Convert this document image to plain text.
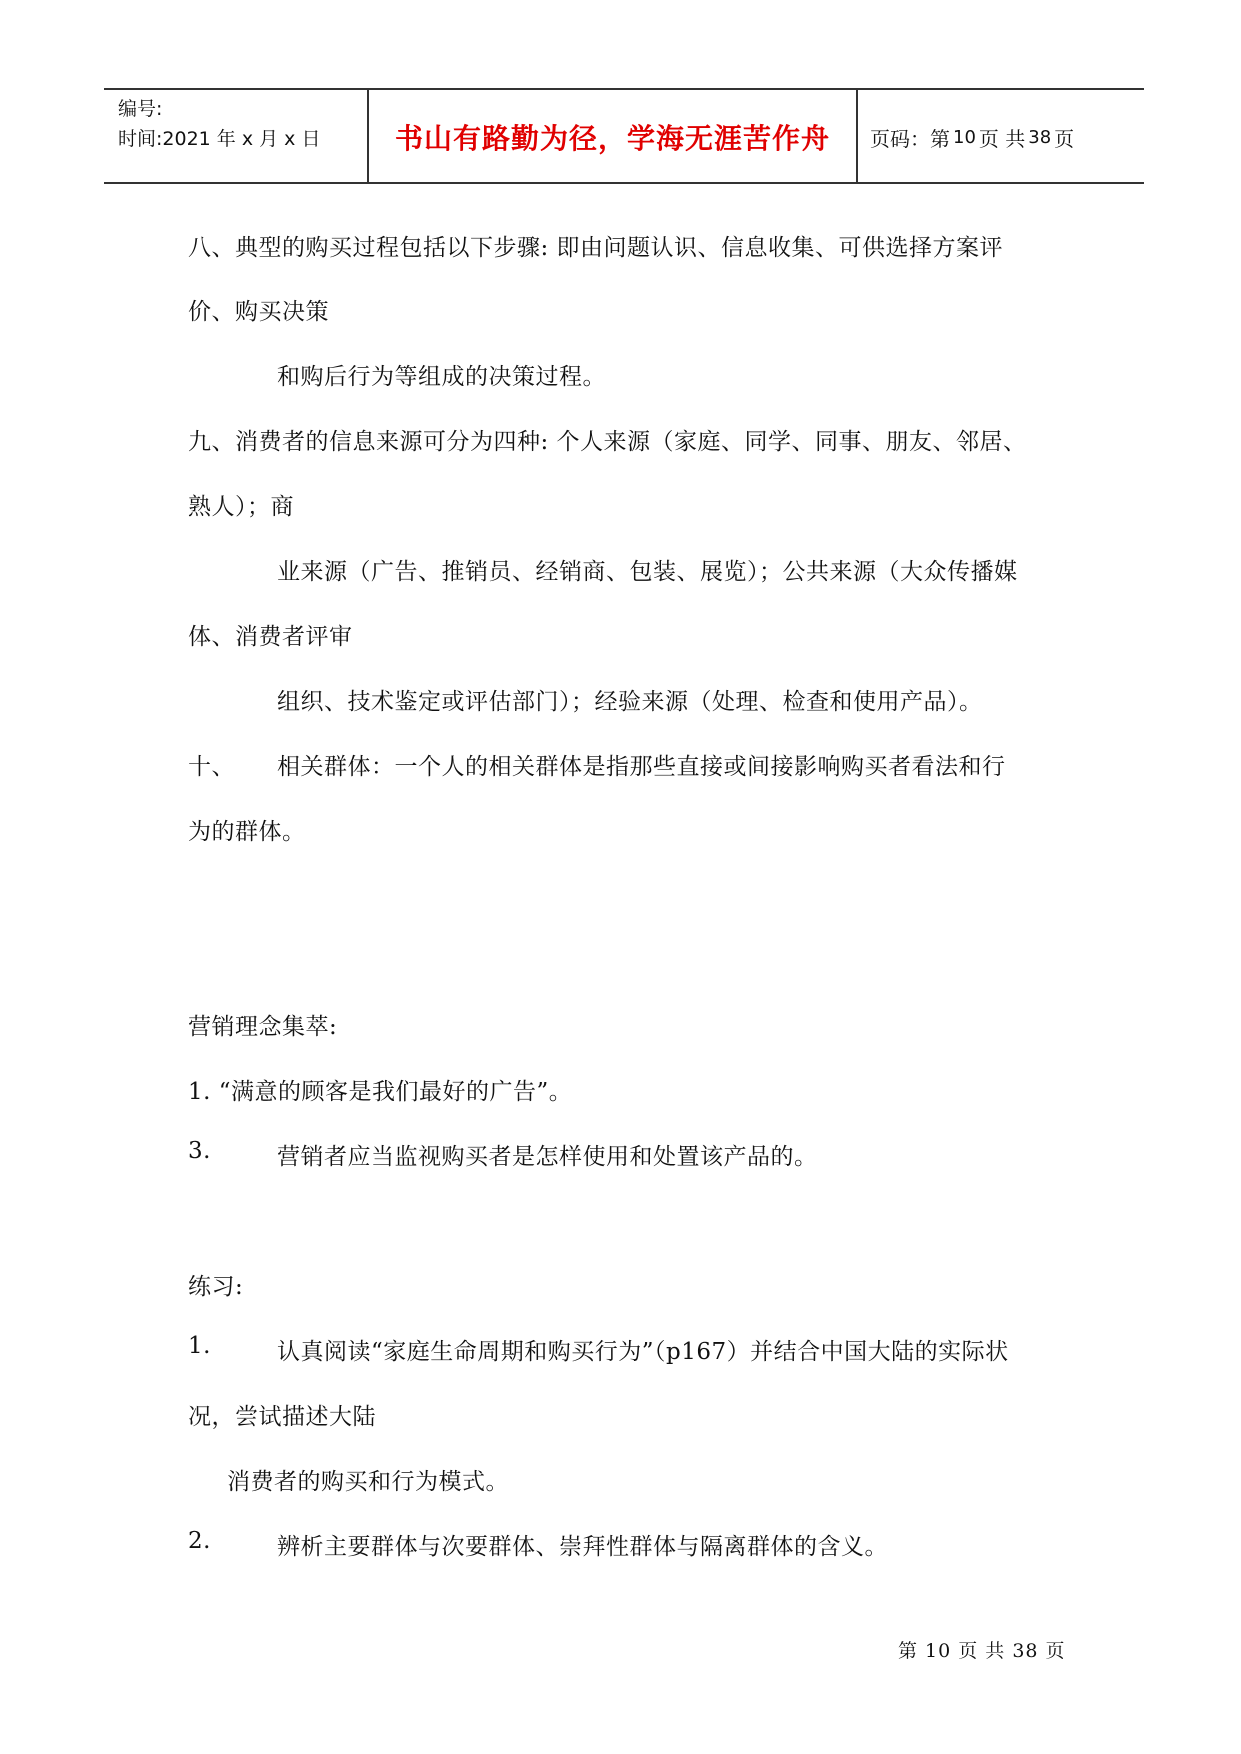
编号:
时间:2021 年 x 月 x 日	书山有路勤为径，学海无涯苦作舟	页码：第 10 页 共 38 页
八、典型的购买过程包括以下步骤: 即由问题认识、信息收集、可供选择方案评
价、购买决策
和购后行为等组成的决策过程。
九、消费者的信息来源可分为四种: 个人来源（家庭、同学、同事、朋友、邻居、
熟人）；商
业来源（广告、推销员、经销商、包装、展览）；公共来源（大众传播媒
体、消费者评审
组织、技术鉴定或评估部门）；经验来源（处理、检查和使用产品）。
十、 相关群体：一个人的相关群体是指那些直接或间接影响购买者看法和行
为的群体。
营销理念集萃:
1. “满意的顾客是我们最好的广告”。
3.	营销者应当监视购买者是怎样使用和处置该产品的。
练习:
1.	认真阅读“家庭生命周期和购买行为”（p167）并结合中国大陆的实际状
况，尝试描述大陆
消费者的购买和行为模式。
2.	辨析主要群体与次要群体、崇拜性群体与隔离群体的含义。
第 10 页 共 38 页
